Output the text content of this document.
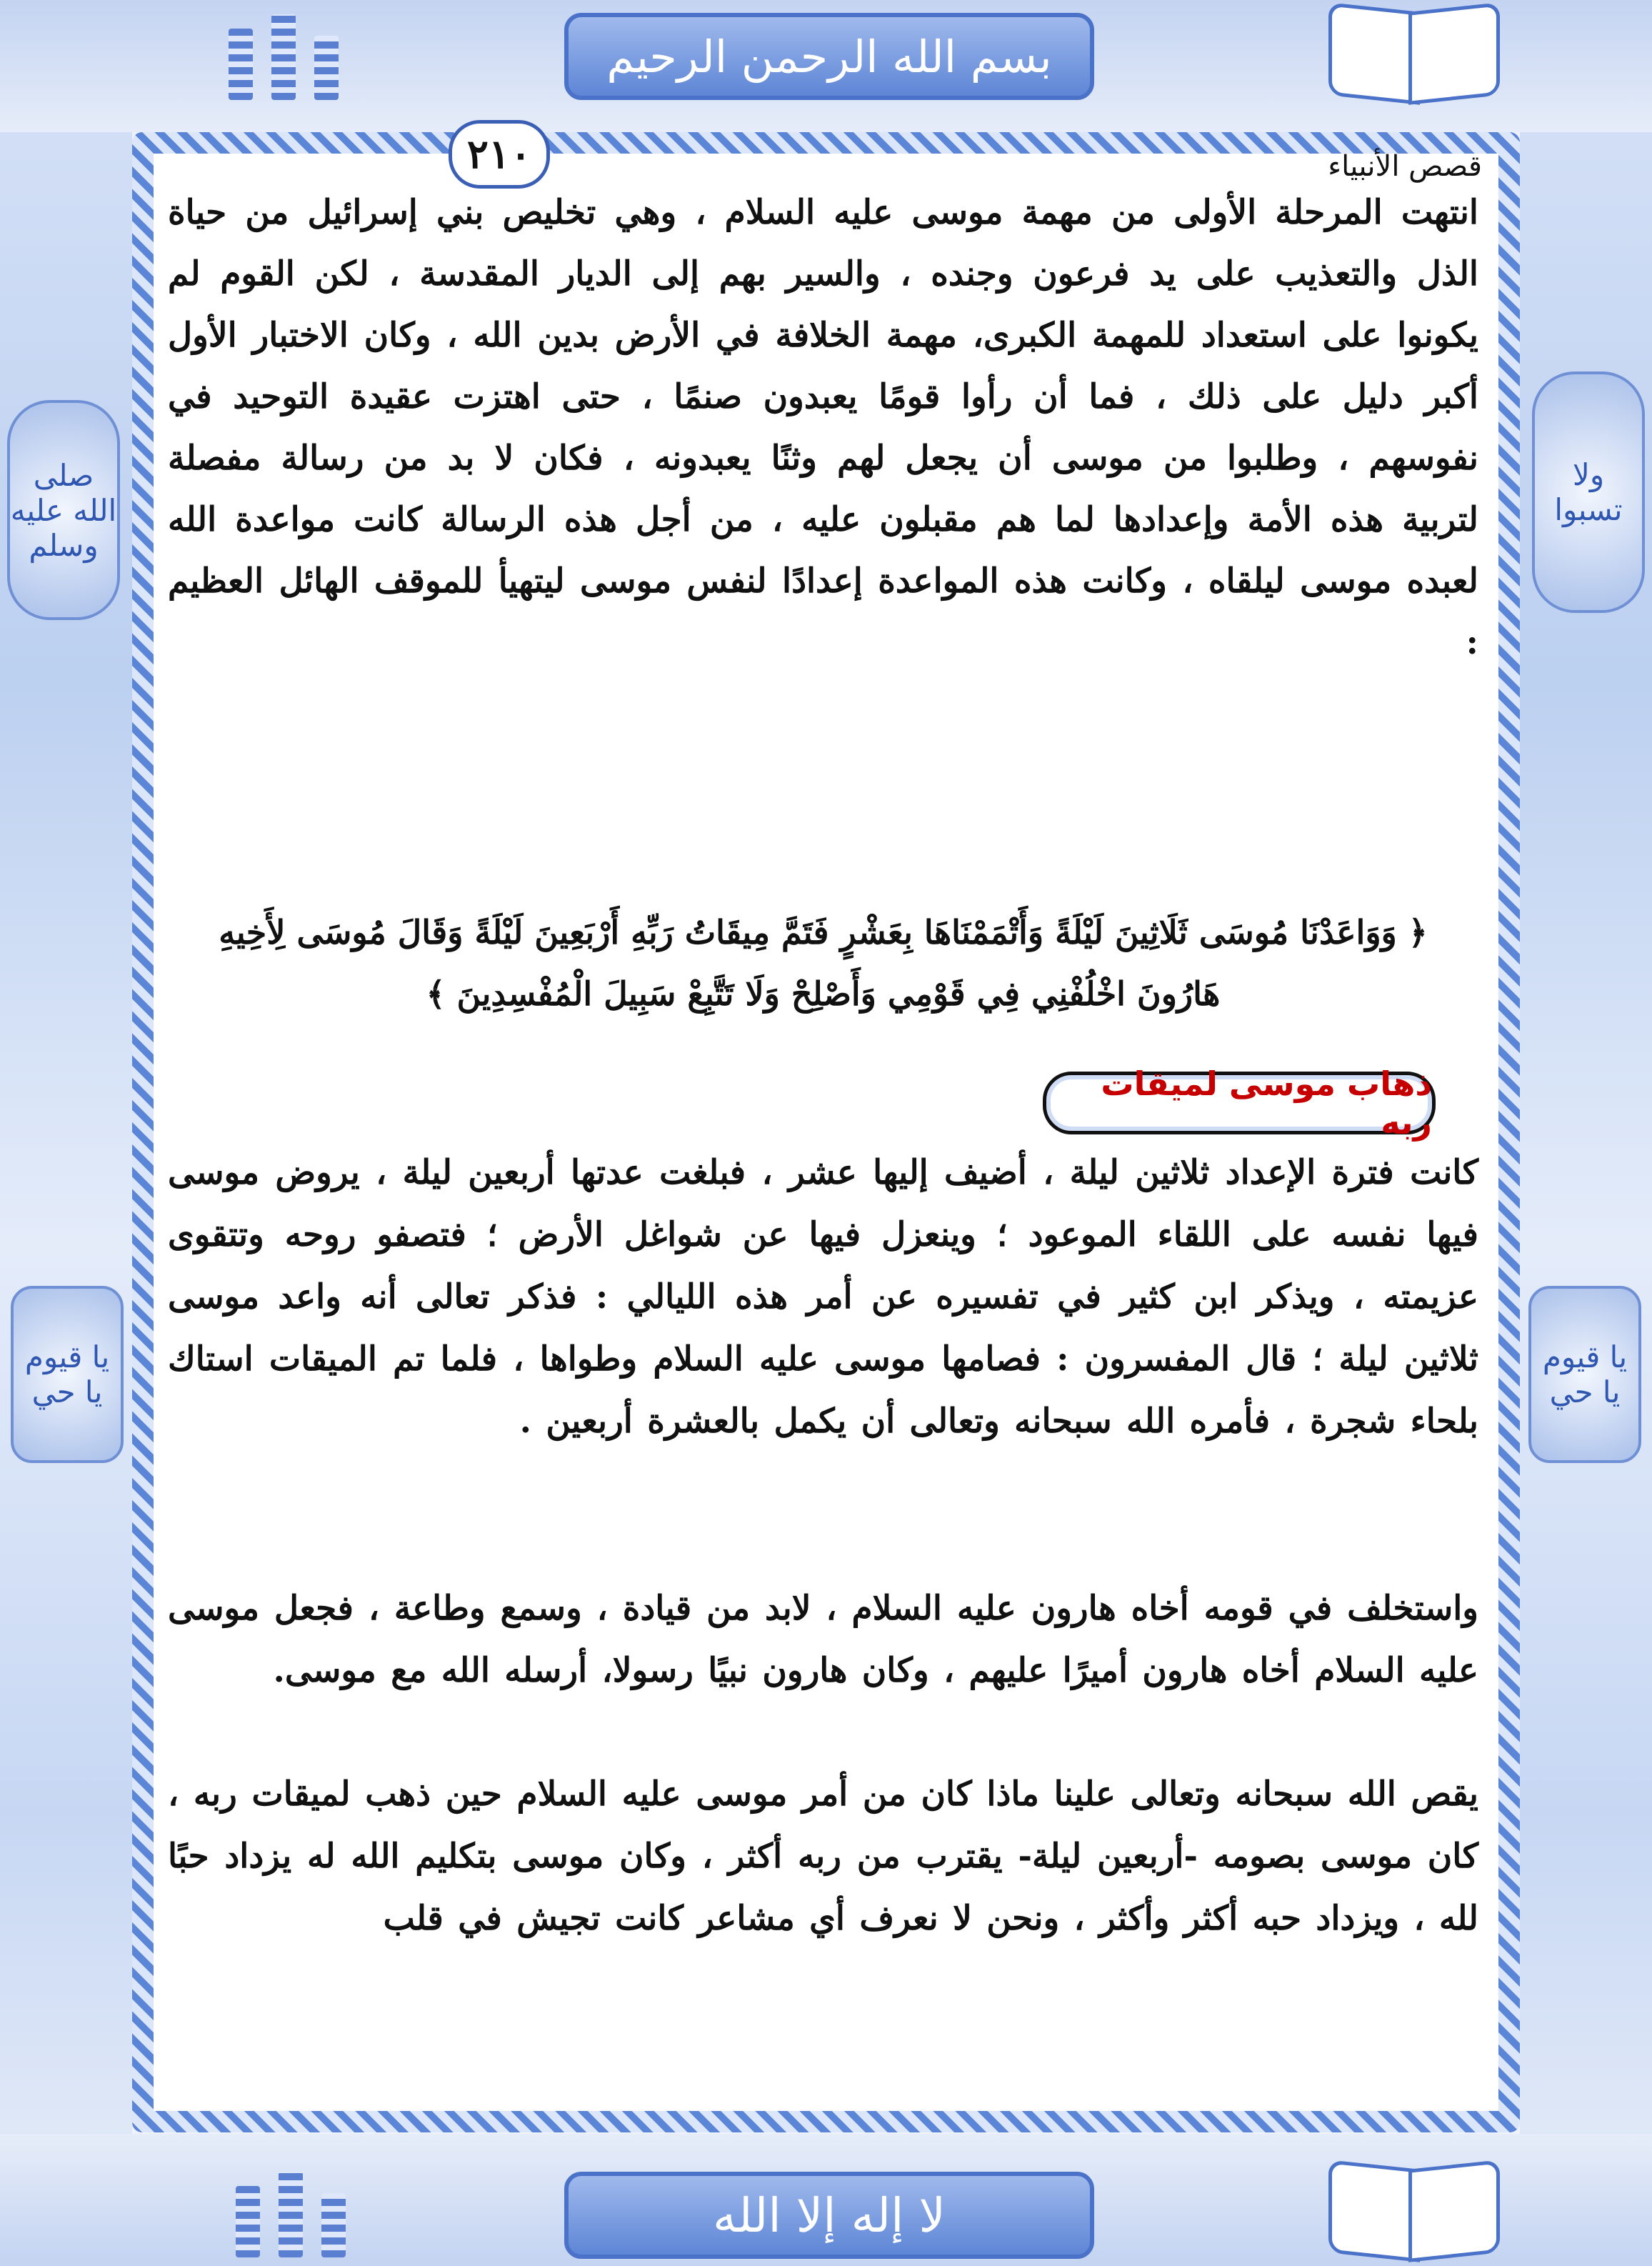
صلى الله عليه وسلم
ولا تسبوا
يا قيوم يا حي
يا قيوم يا حي
بسم الله الرحمن الرحيم
لا إله إلا الله
٢١٠	قصص الأنبياء
انتهت المرحلة الأولى من مهمة موسى عليه السلام ، وهي تخليص بني إسرائيل من حياة الذل والتعذيب على يد فرعون وجنده ، والسير بهم إلى الديار المقدسة ، لكن القوم لم يكونوا على استعداد للمهمة الكبرى، مهمة الخلافة في الأرض بدين الله ، وكان الاختبار الأول أكبر دليل على ذلك ، فما أن رأوا قومًا يعبدون صنمًا ، حتى اهتزت عقيدة التوحيد في نفوسهم ، وطلبوا من موسى أن يجعل لهم وثنًا يعبدونه ، فكان لا بد من رسالة مفصلة لتربية هذه الأمة وإعدادها لما هم مقبلون عليه ، من أجل هذه الرسالة كانت مواعدة الله لعبده موسى ليلقاه ، وكانت هذه المواعدة إعدادًا لنفس موسى ليتهيأ للموقف الهائل العظيم :
﴿ وَوَاعَدْنَا مُوسَى ثَلَاثِينَ لَيْلَةً وَأَتْمَمْنَاهَا بِعَشْرٍ فَتَمَّ مِيقَاتُ رَبِّهِ أَرْبَعِينَ لَيْلَةً وَقَالَ مُوسَى لِأَخِيهِ هَارُونَ اخْلُفْنِي فِي قَوْمِي وَأَصْلِحْ وَلَا تَتَّبِعْ سَبِيلَ الْمُفْسِدِينَ ﴾
ذهاب موسى لميقات ربه
كانت فترة الإعداد ثلاثين ليلة ، أضيف إليها عشر ، فبلغت عدتها أربعين ليلة ، يروض موسى فيها نفسه على اللقاء الموعود ؛ وينعزل فيها عن شواغل الأرض ؛ فتصفو روحه وتتقوى عزيمته ، ويذكر ابن كثير في تفسيره عن أمر هذه الليالي : فذكر تعالى أنه واعد موسى ثلاثين ليلة ؛ قال المفسرون : فصامها موسى عليه السلام وطواها ، فلما تم الميقات استاك بلحاء شجرة ، فأمره الله سبحانه وتعالى أن يكمل بالعشرة أربعين .
واستخلف في قومه أخاه هارون عليه السلام ، لابد من قيادة ، وسمع وطاعة ، فجعل موسى عليه السلام أخاه هارون أميرًا عليهم ، وكان هارون نبيًا رسولا، أرسله الله مع موسى.
يقص الله سبحانه وتعالى علينا ماذا كان من أمر موسى عليه السلام حين ذهب لميقات ربه ، كان موسى بصومه -أربعين ليلة- يقترب من ربه أكثر ، وكان موسى بتكليم الله له يزداد حبًا لله ، ويزداد حبه أكثر وأكثر ، ونحن لا نعرف أي مشاعر كانت تجيش في قلب
